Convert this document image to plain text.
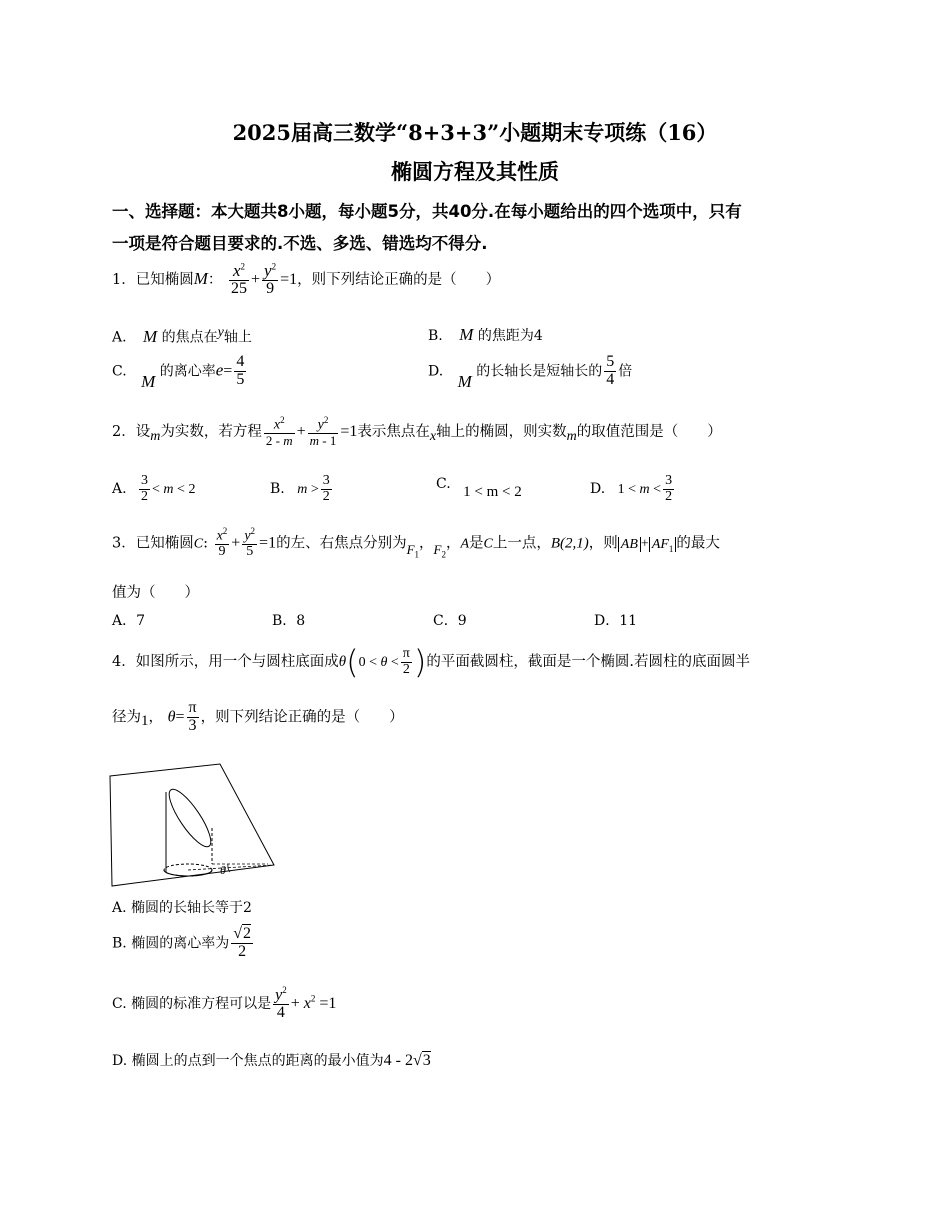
2025届高三数学“8+3+3”小题期末专项练（16）
椭圆方程及其性质
一、选择题：本大题共8小题，每小题5分，共40分.在每小题给出的四个选项中，只有
一项是符合题目要求的.不选、多选、错选均不得分.
1．已知椭圆M： $\frac{x^2}{25} + \frac{y^2}{9} =1$，则下列结论正确的是（　　）
A. M 的焦点在$^y$轴上	B. M 的焦距为4
C. M 的离心率$e= \frac{4}{5}$	D. M 的长轴长是短轴长的 $\frac{5}{4}$ 倍
2．设$_m$为实数，若方程 $\frac{x^2}{2 - m} + \frac{y^2}{m - 1} =1$表示焦点在$_x$轴上的椭圆，则实数$_m$的取值范围是（　　）
A. $\frac{3}{2} < m < 2$	B. $m > \frac{3}{2}$	C. 1 < m < 2	D. $1 < m < \frac{3}{2}$
3．已知椭圆C: $\frac{x^2}{9} + \frac{y^2}{5} =1$的左、右焦点分别为$F_1$，$F_2$，A是C上一点，B(2,1)，则 AB + $AF_1$ 的最大
值为（　　）
A．7	B．8	C．9	D．11
4．如图所示，用一个与圆柱底面成$\theta(0 < \theta < \frac{\pi}{2}$ )的平面截圆柱，截面是一个椭圆.若圆柱的底面圆半
径为$_1$， $\theta= \frac{\pi}{3}$ ，则下列结论正确的是（　　）
θ
A. 椭圆的长轴长等于2
B. 椭圆的离心率为 $\frac{√2}{2}$
C. 椭圆的标准方程可以是 $\frac{y^2}{4} + x^2 =1$
D. 椭圆上的点到一个焦点的距离的最小值为4 - 2√3
